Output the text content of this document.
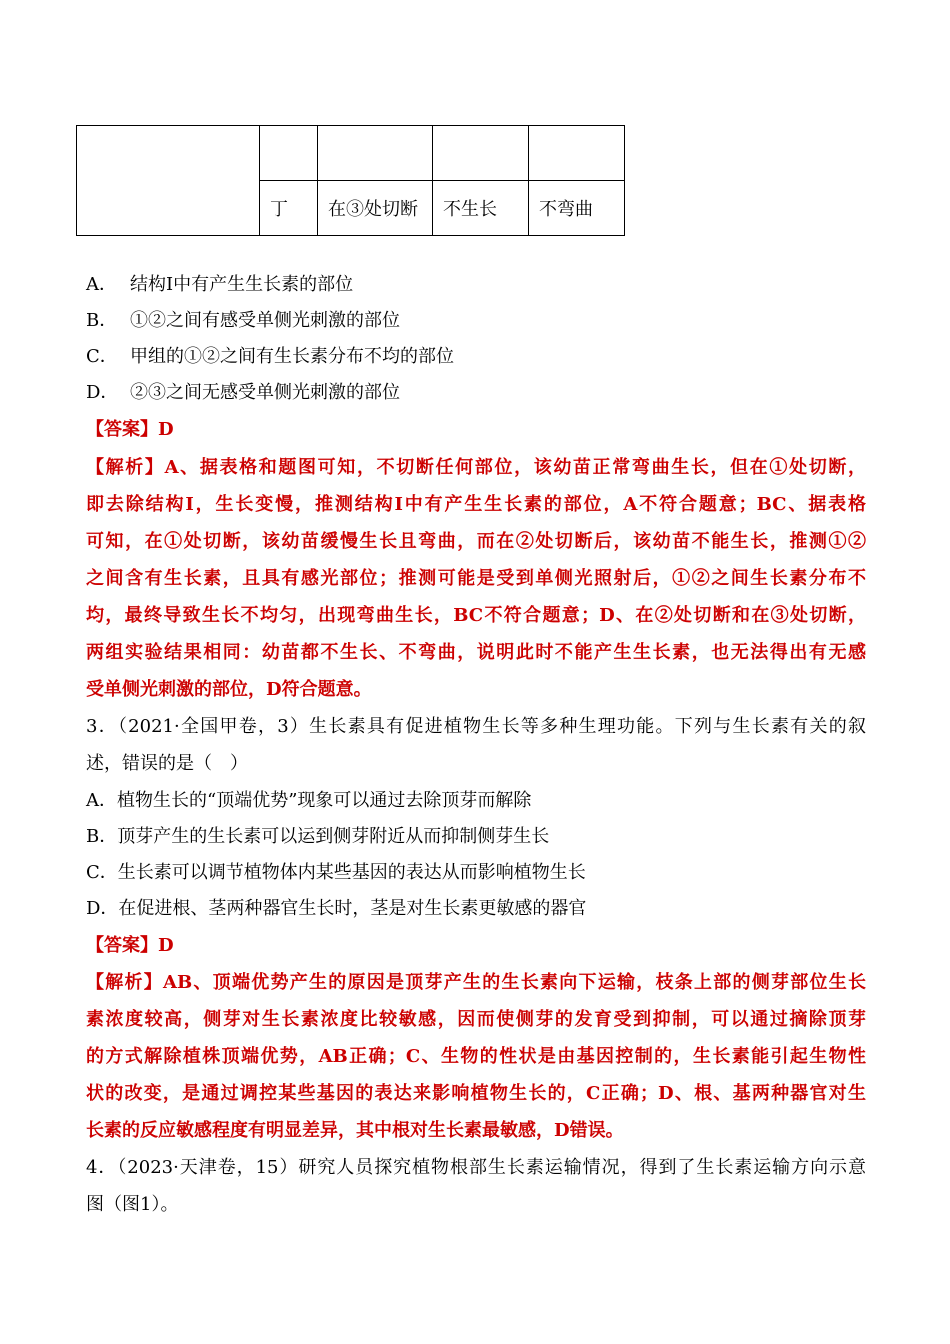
	丁	在③处切断	不生长	不弯曲
A． 结构Ⅰ中有产生生长素的部位
B． ①②之间有感受单侧光刺激的部位
C． 甲组的①②之间有生长素分布不均的部位
D． ②③之间无感受单侧光刺激的部位
【答案】D
【解析】A、据表格和题图可知，不切断任何部位，该幼苗正常弯曲生长，但在①处切断，
即去除结构Ⅰ，生长变慢，推测结构Ⅰ中有产生生长素的部位，A不符合题意；BC、据表格
可知，在①处切断，该幼苗缓慢生长且弯曲，而在②处切断后，该幼苗不能生长，推测①②
之间含有生长素，且具有感光部位；推测可能是受到单侧光照射后，①②之间生长素分布不
均，最终导致生长不均匀，出现弯曲生长，BC不符合题意；D、在②处切断和在③处切断，
两组实验结果相同：幼苗都不生长、不弯曲，说明此时不能产生生长素，也无法得出有无感
受单侧光刺激的部位，D符合题意。
3．（2021·全国甲卷，3）生长素具有促进植物生长等多种生理功能。下列与生长素有关的叙
述，错误的是（　）
A．植物生长的“顶端优势”现象可以通过去除顶芽而解除
B．顶芽产生的生长素可以运到侧芽附近从而抑制侧芽生长
C．生长素可以调节植物体内某些基因的表达从而影响植物生长
D．在促进根、茎两种器官生长时，茎是对生长素更敏感的器官
【答案】D
【解析】AB、顶端优势产生的原因是顶芽产生的生长素向下运输，枝条上部的侧芽部位生长
素浓度较高，侧芽对生长素浓度比较敏感，因而使侧芽的发育受到抑制，可以通过摘除顶芽
的方式解除植株顶端优势，AB正确；C、生物的性状是由基因控制的，生长素能引起生物性
状的改变，是通过调控某些基因的表达来影响植物生长的，C正确；D、根、基两种器官对生
长素的反应敏感程度有明显差异，其中根对生长素最敏感，D错误。
4．（2023·天津卷，15）研究人员探究植物根部生长素运输情况，得到了生长素运输方向示意
图（图1）。
